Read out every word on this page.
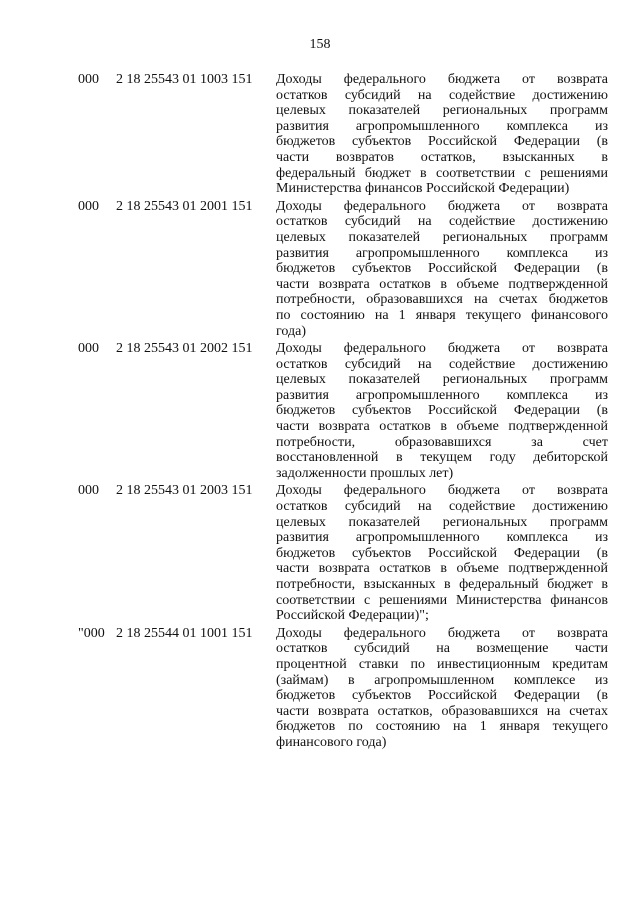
158
000	2 18 25543 01 1003 151 Доходы федерального бюджета от возврата
остатков субсидий на содействие достижению
целевых показателей региональных программ
развития агропромышленного комплекса из
бюджетов субъектов Российской Федерации (в
части возвратов остатков, взысканных в
федеральный бюджет в соответствии с решениями
Министерства финансов Российской Федерации)
000	2 18 25543 01 2001 151 Доходы федерального бюджета от возврата
остатков субсидий на содействие достижению
целевых показателей региональных программ
развития агропромышленного комплекса из
бюджетов субъектов Российской Федерации (в
части возврата остатков в объеме подтвержденной
потребности, образовавшихся на счетах бюджетов
по состоянию на 1 января текущего финансового
года)
000	2 18 25543 01 2002 151 Доходы федерального бюджета от возврата
остатков субсидий на содействие достижению
целевых показателей региональных программ
развития агропромышленного комплекса из
бюджетов субъектов Российской Федерации (в
части возврата остатков в объеме подтвержденной
потребности, образовавшихся за счет
восстановленной в текущем году дебиторской
задолженности прошлых лет)
000	2 18 25543 01 2003 151 Доходы федерального бюджета от возврата
остатков субсидий на содействие достижению
целевых показателей региональных программ
развития агропромышленного комплекса из
бюджетов субъектов Российской Федерации (в
части возврата остатков в объеме подтвержденной
потребности, взысканных в федеральный бюджет в
соответствии с решениями Министерства финансов
Российской Федерации)";
"000 2 18 25544 01 1001 151 Доходы федерального бюджета от возврата
остатков субсидий на возмещение части
процентной ставки по инвестиционным кредитам
(займам) в агропромышленном комплексе из
бюджетов субъектов Российской Федерации (в
части возврата остатков, образовавшихся на счетах
бюджетов по состоянию на 1 января текущего
финансового года)
